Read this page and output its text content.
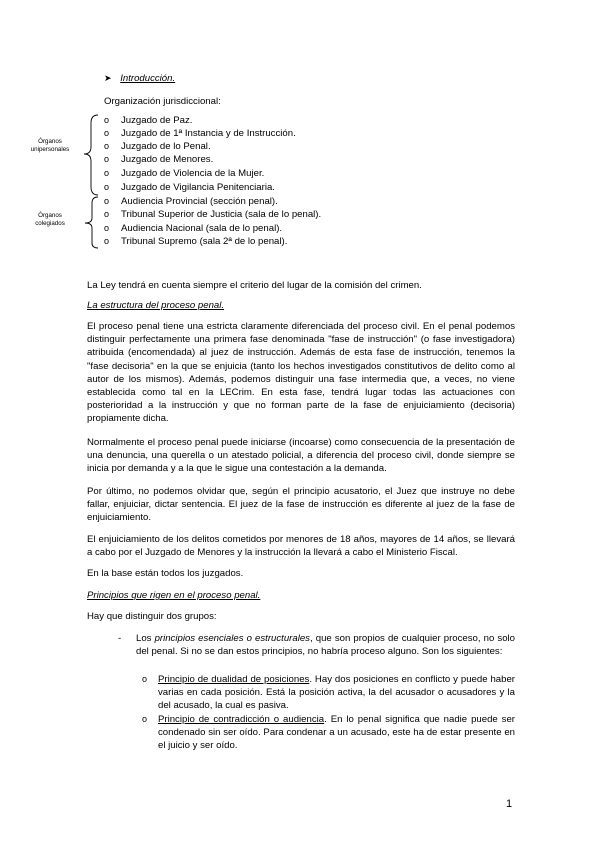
➤ Introducción.
Organización jurisdiccional:
Órganos unipersonales
Órganos colegiados
o Juzgado de Paz.
o Juzgado de 1ª Instancia y de Instrucción.
o Juzgado de lo Penal.
o Juzgado de Menores.
o Juzgado de Violencia de la Mujer.
o Juzgado de Vigilancia Penitenciaria.
o Audiencia Provincial (sección penal).
o Tribunal Superior de Justicia (sala de lo penal).
o Audiencia Nacional (sala de lo penal).
o Tribunal Supremo (sala 2ª de lo penal).

La Ley tendrá en cuenta siempre el criterio del lugar de la comisión del crimen.

La estructura del proceso penal.

El proceso penal tiene una estricta claramente diferenciada del proceso civil. En el penal podemos distinguir perfectamente una primera fase denominada "fase de instrucción" (o fase investigadora) atribuida (encomendada) al juez de instrucción. Además de esta fase de instrucción, tenemos la "fase decisoria" en la que se enjuicia (tanto los hechos investigados constitutivos de delito como al autor de los mismos). Además, podemos distinguir una fase intermedia que, a veces, no viene establecida como tal en la LECrim. En esta fase, tendrá lugar todas las actuaciones con posterioridad a la instrucción y que no forman parte de la fase de enjuiciamiento (decisoria) propiamente dicha.

Normalmente el proceso penal puede iniciarse (incoarse) como consecuencia de la presentación de una denuncia, una querella o un atestado policial, a diferencia del proceso civil, donde siempre se inicia por demanda y a la que le sigue una contestación a la demanda.

Por último, no podemos olvidar que, según el principio acusatorio, el Juez que instruye no debe fallar, enjuiciar, dictar sentencia. El juez de la fase de instrucción es diferente al juez de la fase de enjuiciamiento.

El enjuiciamiento de los delitos cometidos por menores de 18 años, mayores de 14 años, se llevará a cabo por el Juzgado de Menores y la instrucción la llevará a cabo el Ministerio Fiscal.

En la base están todos los juzgados.

Principios que rigen en el proceso penal.

Hay que distinguir dos grupos:

- Los principios esenciales o estructurales, que son propios de cualquier proceso, no solo del penal. Si no se dan estos principios, no habría proceso alguno. Son los siguientes:

o Principio de dualidad de posiciones. Hay dos posiciones en conflicto y puede haber varias en cada posición. Está la posición activa, la del acusador o acusadores y la del acusado, la cual es pasiva.

o Principio de contradicción o audiencia. En lo penal significa que nadie puede ser condenado sin ser oído. Para condenar a un acusado, este ha de estar presente en el juicio y ser oído.

1
